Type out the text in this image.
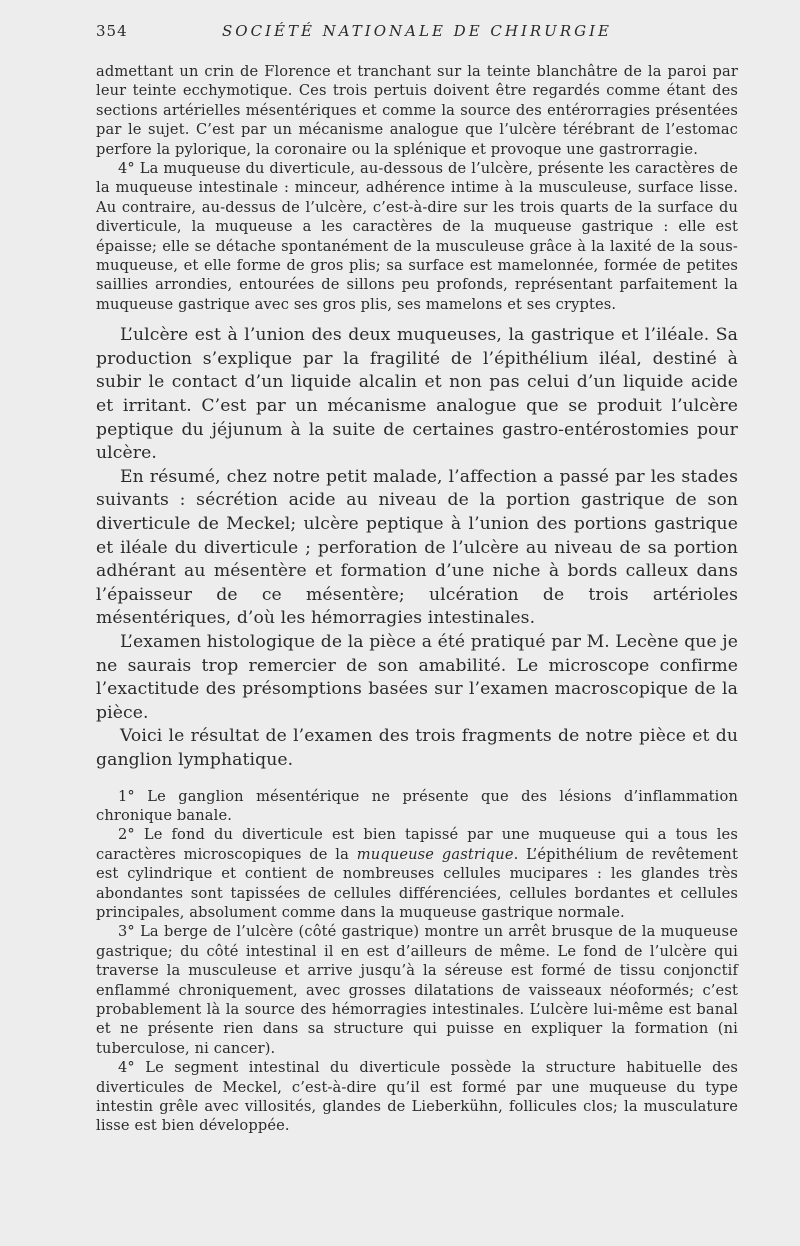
354	SOCIÉTÉ NATIONALE DE CHIRURGIE

admettant un crin de Florence et tranchant sur la teinte blanchâtre de la paroi par leur teinte ecchymotique. Ces trois pertuis doivent être regardés comme étant des sections artérielles mésentériques et comme la source des entérorragies présentées par le sujet. C’est par un mécanisme analogue que l’ulcère térébrant de l’estomac perfore la pylorique, la coronaire ou la splénique et provoque une gastrorragie.

4° La muqueuse du diverticule, au-dessous de l’ulcère, présente les caractères de la muqueuse intestinale : minceur, adhérence intime à la musculeuse, surface lisse. Au contraire, au-dessus de l’ulcère, c’est-à-dire sur les trois quarts de la surface du diverticule, la muqueuse a les caractères de la muqueuse gastrique : elle est épaisse; elle se détache spontanément de la musculeuse grâce à la laxité de la sous-muqueuse, et elle forme de gros plis; sa surface est mamelonnée, formée de petites saillies arrondies, entourées de sillons peu profonds, représentant parfaitement la muqueuse gastrique avec ses gros plis, ses mamelons et ses cryptes.

L’ulcère est à l’union des deux muqueuses, la gastrique et l’iléale. Sa production s’explique par la fragilité de l’épithélium iléal, destiné à subir le contact d’un liquide alcalin et non pas celui d’un liquide acide et irritant. C’est par un mécanisme analogue que se produit l’ulcère peptique du jéjunum à la suite de certaines gastro-entérostomies pour ulcère.

En résumé, chez notre petit malade, l’affection a passé par les stades suivants : sécrétion acide au niveau de la portion gastrique de son diverticule de Meckel; ulcère peptique à l’union des portions gastrique et iléale du diverticule ; perforation de l’ulcère au niveau de sa portion adhérant au mésentère et formation d’une niche à bords calleux dans l’épaisseur de ce mésentère; ulcération de trois artérioles mésentériques, d’où les hémorragies intestinales.

L’examen histologique de la pièce a été pratiqué par M. Lecène que je ne saurais trop remercier de son amabilité. Le microscope confirme l’exactitude des présomptions basées sur l’examen macroscopique de la pièce.

Voici le résultat de l’examen des trois fragments de notre pièce et du ganglion lymphatique.

1° Le ganglion mésentérique ne présente que des lésions d’inflammation chronique banale.

2° Le fond du diverticule est bien tapissé par une muqueuse qui a tous les caractères microscopiques de la muqueuse gastrique. L’épithélium de revêtement est cylindrique et contient de nombreuses cellules mucipares : les glandes très abondantes sont tapissées de cellules différenciées, cellules bordantes et cellules principales, absolument comme dans la muqueuse gastrique normale.

3° La berge de l’ulcère (côté gastrique) montre un arrêt brusque de la muqueuse gastrique; du côté intestinal il en est d’ailleurs de même. Le fond de l’ulcère qui traverse la musculeuse et arrive jusqu’à la séreuse est formé de tissu conjonctif enflammé chroniquement, avec grosses dilatations de vaisseaux néoformés; c’est probablement là la source des hémorragies intestinales. L’ulcère lui-même est banal et ne présente rien dans sa structure qui puisse en expliquer la formation (ni tuberculose, ni cancer).

4° Le segment intestinal du diverticule possède la structure habituelle des diverticules de Meckel, c’est-à-dire qu’il est formé par une muqueuse du type intestin grêle avec villosités, glandes de Lieberkühn, follicules clos; la musculature lisse est bien développée.
